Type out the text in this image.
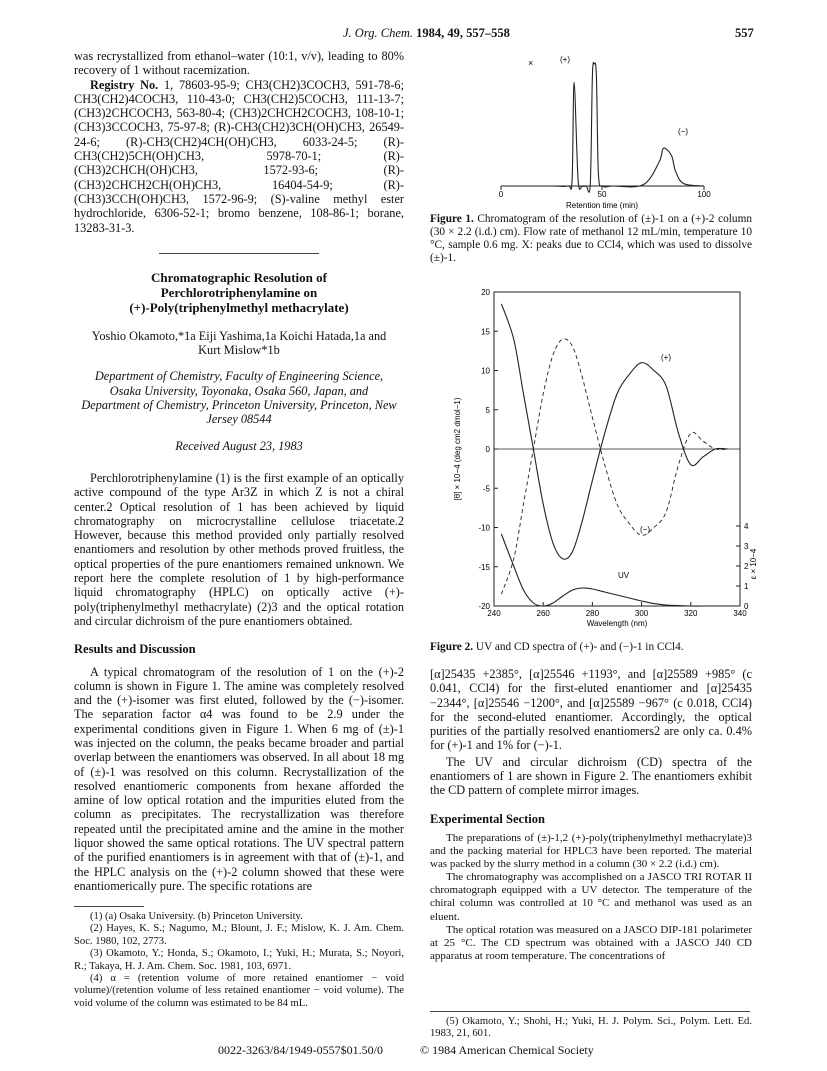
J. Org. Chem. 1984, 49, 557–558	557

was recrystallized from ethanol–water (10:1, v/v), leading to 80% recovery of 1 without racemization.

Registry No. 1, 78603-95-9; CH3(CH2)3COCH3, 591-78-6; CH3(CH2)4COCH3, 110-43-0; CH3(CH2)5COCH3, 111-13-7; (CH3)2CHCOCH3, 563-80-4; (CH3)2CHCH2COCH3, 108-10-1; (CH3)3CCOCH3, 75-97-8; (R)-CH3(CH2)3CH(OH)CH3, 26549-24-6; (R)-CH3(CH2)4CH(OH)CH3, 6033-24-5; (R)-CH3(CH2)5CH(OH)CH3, 5978-70-1; (R)-(CH3)2CHCH(OH)CH3, 1572-93-6; (R)-(CH3)2CHCH2CH(OH)CH3, 16404-54-9; (R)-(CH3)3CCH(OH)CH3, 1572-96-9; (S)-valine methyl ester hydrochloride, 6306-52-1; bromo benzene, 108-86-1; borane, 13283-31-3.

Chromatographic Resolution of
Perchlorotriphenylamine on
(+)-Poly(triphenylmethyl methacrylate)
Yoshio Okamoto,*1a Eiji Yashima,1a Koichi Hatada,1a and
Kurt Mislow*1b

Department of Chemistry, Faculty of Engineering Science, Osaka University, Toyonaka, Osaka 560, Japan, and Department of Chemistry, Princeton University, Princeton, New Jersey 08544

Received August 23, 1983

Perchlorotriphenylamine (1) is the first example of an optically active compound of the type Ar3Z in which Z is not a chiral center.2 Optical resolution of 1 has been achieved by liquid chromatography on microcrystalline cellulose triacetate.2 However, because this method provided only partially resolved enantiomers and resolution by other methods proved fruitless, the optical properties of the pure enantiomers remained unknown. We report here the complete resolution of 1 by high-performance liquid chromatography (HPLC) on optically active (+)-poly(triphenylmethyl methacrylate) (2)3 and the optical rotation and circular dichroism of the pure enantiomers obtained.

Results and Discussion

A typical chromatogram of the resolution of 1 on the (+)-2 column is shown in Figure 1. The amine was completely resolved and the (+)-isomer was first eluted, followed by the (−)-isomer. The separation factor α4 was found to be 2.9 under the experimental conditions given in Figure 1. When 6 mg of (±)-1 was injected on the column, the peaks became broader and partial overlap between the enantiomers was observed. In all about 18 mg of (±)-1 was resolved on this column. Recrystallization of the resolved enantiomeric components from hexane afforded the amine of low optical rotation and the impurities eluted from the column as precipitates. The recrystallization was therefore repeated until the precipitated amine and the amine in the mother liquor showed the same optical rotations. The UV spectral pattern of the purified enantiomers is in agreement with that of (±)-1, and the HPLC analysis on the (+)-2 column showed that these were enantiomerically pure. The specific rotations are

(1) (a) Osaka University. (b) Princeton University.

(2) Hayes, K. S.; Nagumo, M.; Blount, J. F.; Mislow, K. J. Am. Chem. Soc. 1980, 102, 2773.

(3) Okamoto, Y.; Honda, S.; Okamoto, I.; Yuki, H.; Murata, S.; Noyori, R.; Takaya, H. J. Am. Chem. Soc. 1981, 103, 6971.

(4) α = (retention volume of more retained enantiomer − void volume)/(retention volume of less retained enantiomer − void volume). The void volume of the column was estimated to be 84 mL.

0	50	100
Retention time (min)
×	(+)
(−)
Figure 1. Chromatogram of the resolution of (±)-1 on a (+)-2 column (30 × 2.2 (i.d.) cm). Flow rate of methanol 12 mL/min, temperature 10 °C, sample 0.6 mg. X: peaks due to CCl4, which was used to dissolve (±)-1.
20
15
10
5
0
-5
-10
-15
-20
4
3
2
1
0
240	260	280	300	320	340
(+)
(−)
UV
Wavelength (nm)
[θ] × 10−4 (deg cm2 dmol−1)
ε × 10−4
Figure 2. UV and CD spectra of (+)- and (−)-1 in CCl4.

[α]25435 +2385°, [α]25546 +1193°, and [α]25589 +985° (c 0.041, CCl4) for the first-eluted enantiomer and [α]25435 −2344°, [α]25546 −1200°, and [α]25589 −967° (c 0.018, CCl4) for the second-eluted enantiomer. Accordingly, the optical purities of the partially resolved enantiomers2 are only ca. 0.4% for (+)-1 and 1% for (−)-1.

The UV and circular dichroism (CD) spectra of the enantiomers of 1 are shown in Figure 2. The enantiomers exhibit the CD pattern of complete mirror images.

Experimental Section

The preparations of (±)-1,2 (+)-poly(triphenylmethyl methacrylate)3 and the packing material for HPLC3 have been reported. The material was packed by the slurry method in a column (30 × 2.2 (i.d.) cm).

The chromatography was accomplished on a JASCO TRI ROTAR II chromatograph equipped with a UV detector. The temperature of the chiral column was controlled at 10 °C and methanol was used as an eluent.

The optical rotation was measured on a JASCO DIP-181 polarimeter at 25 °C. The CD spectrum was obtained with a JASCO J40 CD apparatus at room temperature. The concentrations of

(5) Okamoto, Y.; Shohi, H.; Yuki, H. J. Polym. Sci., Polym. Lett. Ed. 1983, 21, 601.

0022-3263/84/1949-0557$01.50/0	© 1984 American Chemical Society
